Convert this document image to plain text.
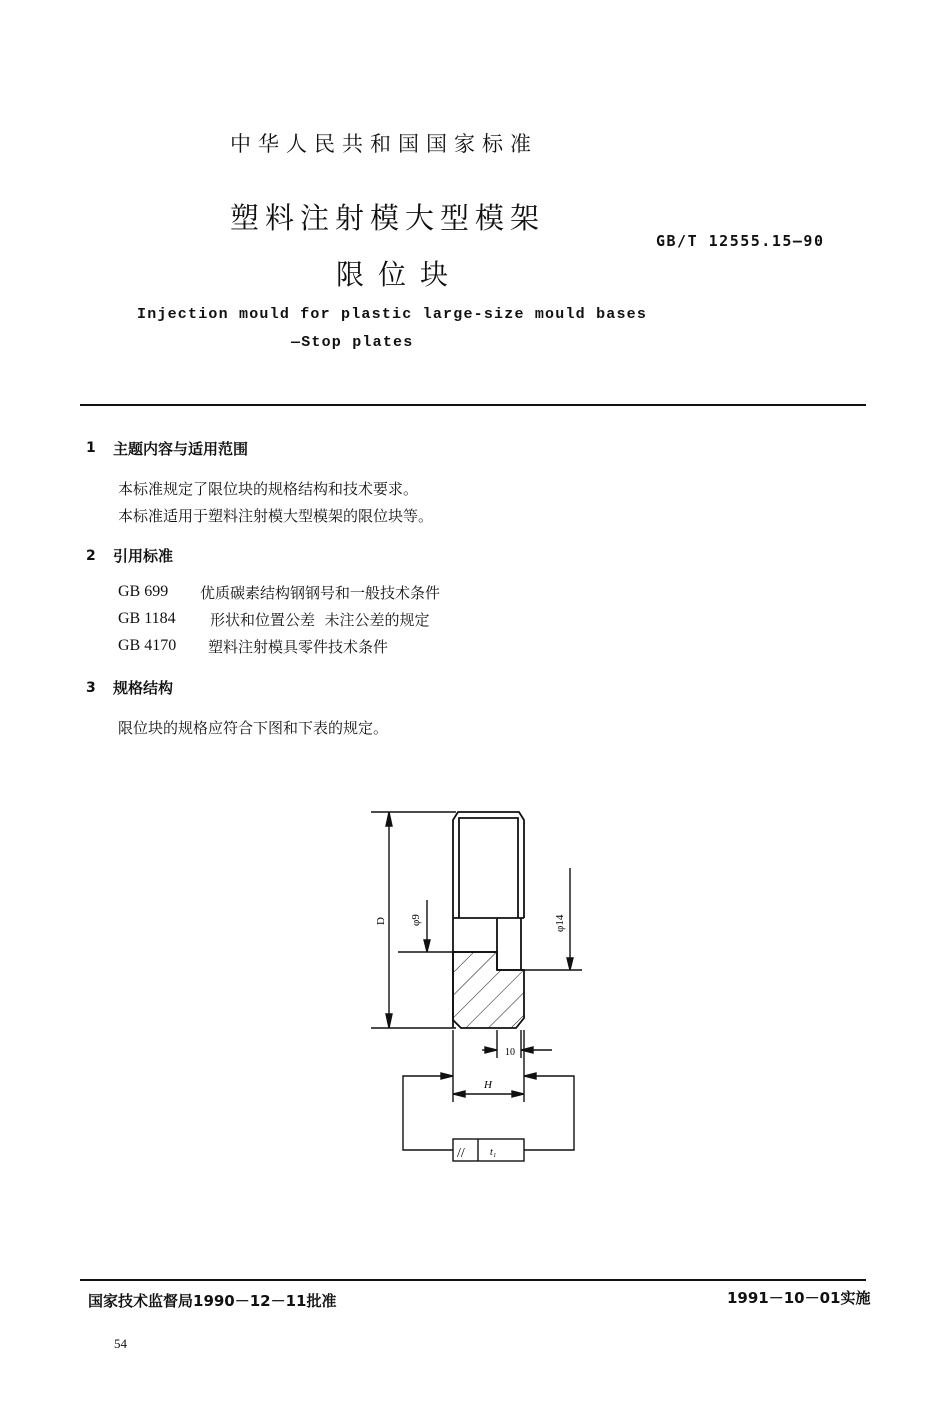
中华人民共和国国家标准
塑料注射模大型模架
限位块
GB/T 12555.15—90
Injection mould for plastic large-size mould bases
—Stop plates
1 主题内容与适用范围
本标准规定了限位块的规格结构和技术要求。
本标准适用于塑料注射模大型模架的限位块等。
2 引用标准
GB 699 优质碳素结构钢钢号和一般技术条件
GB 1184 形状和位置公差  未注公差的规定
GB 4170 塑料注射模具零件技术条件
3 规格结构
限位块的规格应符合下图和下表的规定。
D φ9	φ14
10
H
//	t₁
国家技术监督局1990－12－11批准	1991－10－01实施
54
